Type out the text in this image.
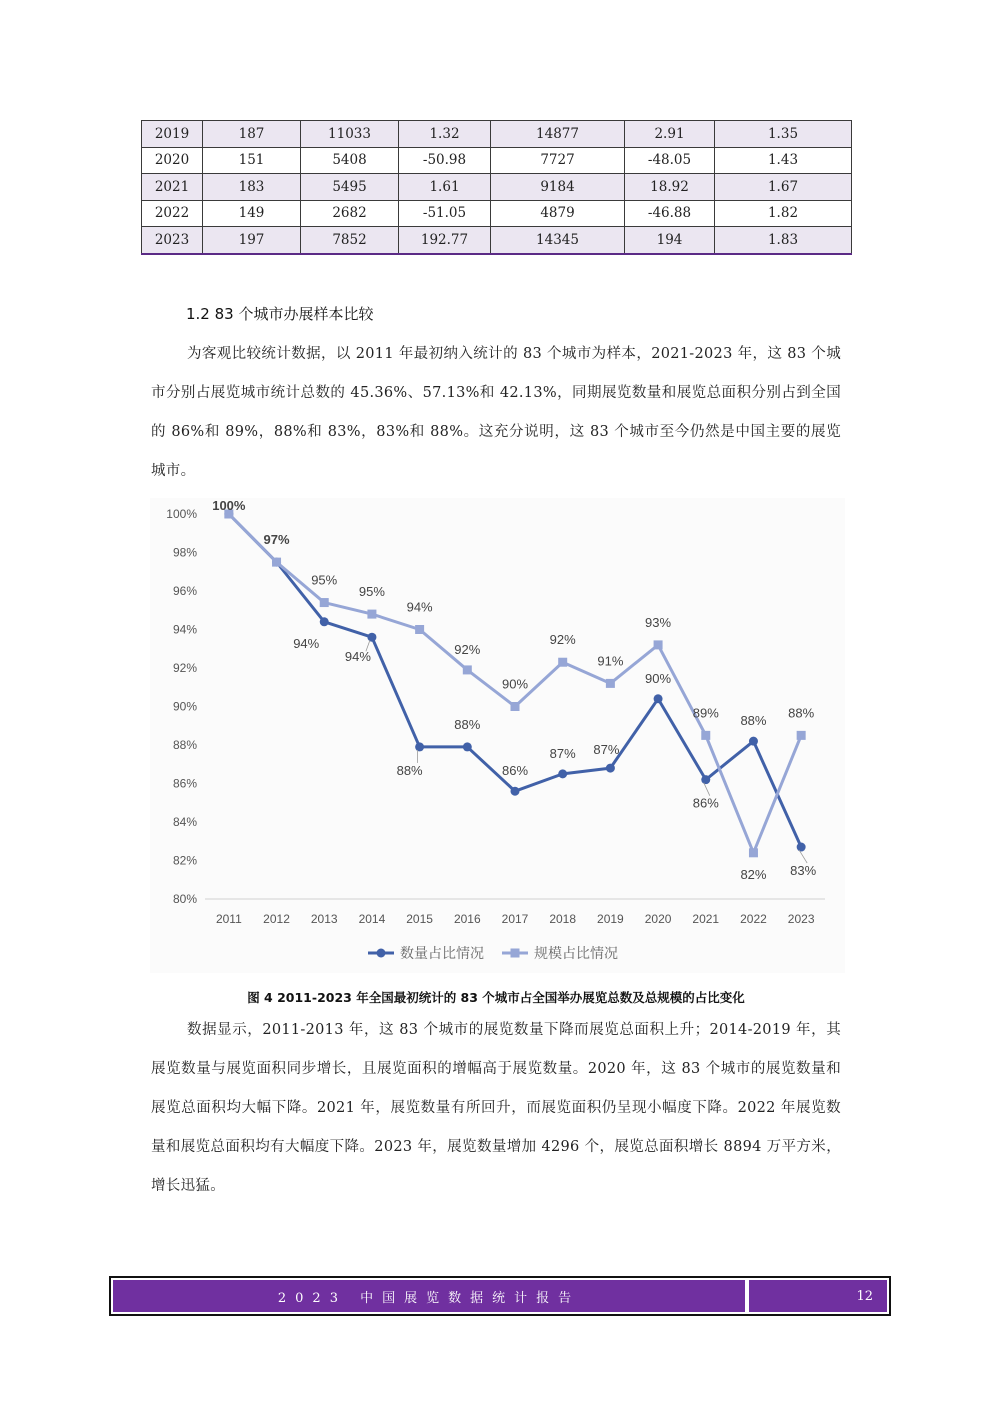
2019	187	11033	1.32	14877	2.91	1.35
2020	151	5408	-50.98	7727	-48.05	1.43
2021	183	5495	1.61	9184	18.92	1.67
2022	149	2682	-51.05	4879	-46.88	1.82
2023	197	7852	192.77	14345	194	1.83
1.2 83 个城市办展样本比较

为客观比较统计数据，以 2011 年最初纳入统计的 83 个城市为样本，2021-2023 年，这 83 个城市分别占展览城市统计总数的 45.36%、57.13%和 42.13%，同期展览数量和展览总面积分别占到全国的 86%和 89%，88%和 83%，83%和 88%。这充分说明，这 83 个城市至今仍然是中国主要的展览城市。

80%
82%
84%
86%
88%
90%
92%
94%
96%
98%
100%
2011 2012 2013 2014 2015 2016 2017 2018 2019 2020 2021 2022 2023
94%
94%
88%
88%
86%
87% 87%
90%
86%
88%
83%
100%
97%
95%
95%
94%
92%
90%
92%
91%
93%
89%
82%
88%
数量占比情况	规模占比情况
图 4 2011-2023 年全国最初统计的 83 个城市占全国举办展览总数及总规模的占比变化

数据显示，2011-2013 年，这 83 个城市的展览数量下降而展览总面积上升；2014-2019 年，其展览数量与展览面积同步增长，且展览面积的增幅高于展览数量。2020 年，这 83 个城市的展览数量和展览总面积均大幅下降。2021 年，展览数量有所回升，而展览面积仍呈现小幅度下降。2022 年展览数量和展览总面积均有大幅度下降。2023 年，展览数量增加 4296 个，展览总面积增长 8894 万平方米，增长迅猛。

2023 中国展览数据统计报告	12
